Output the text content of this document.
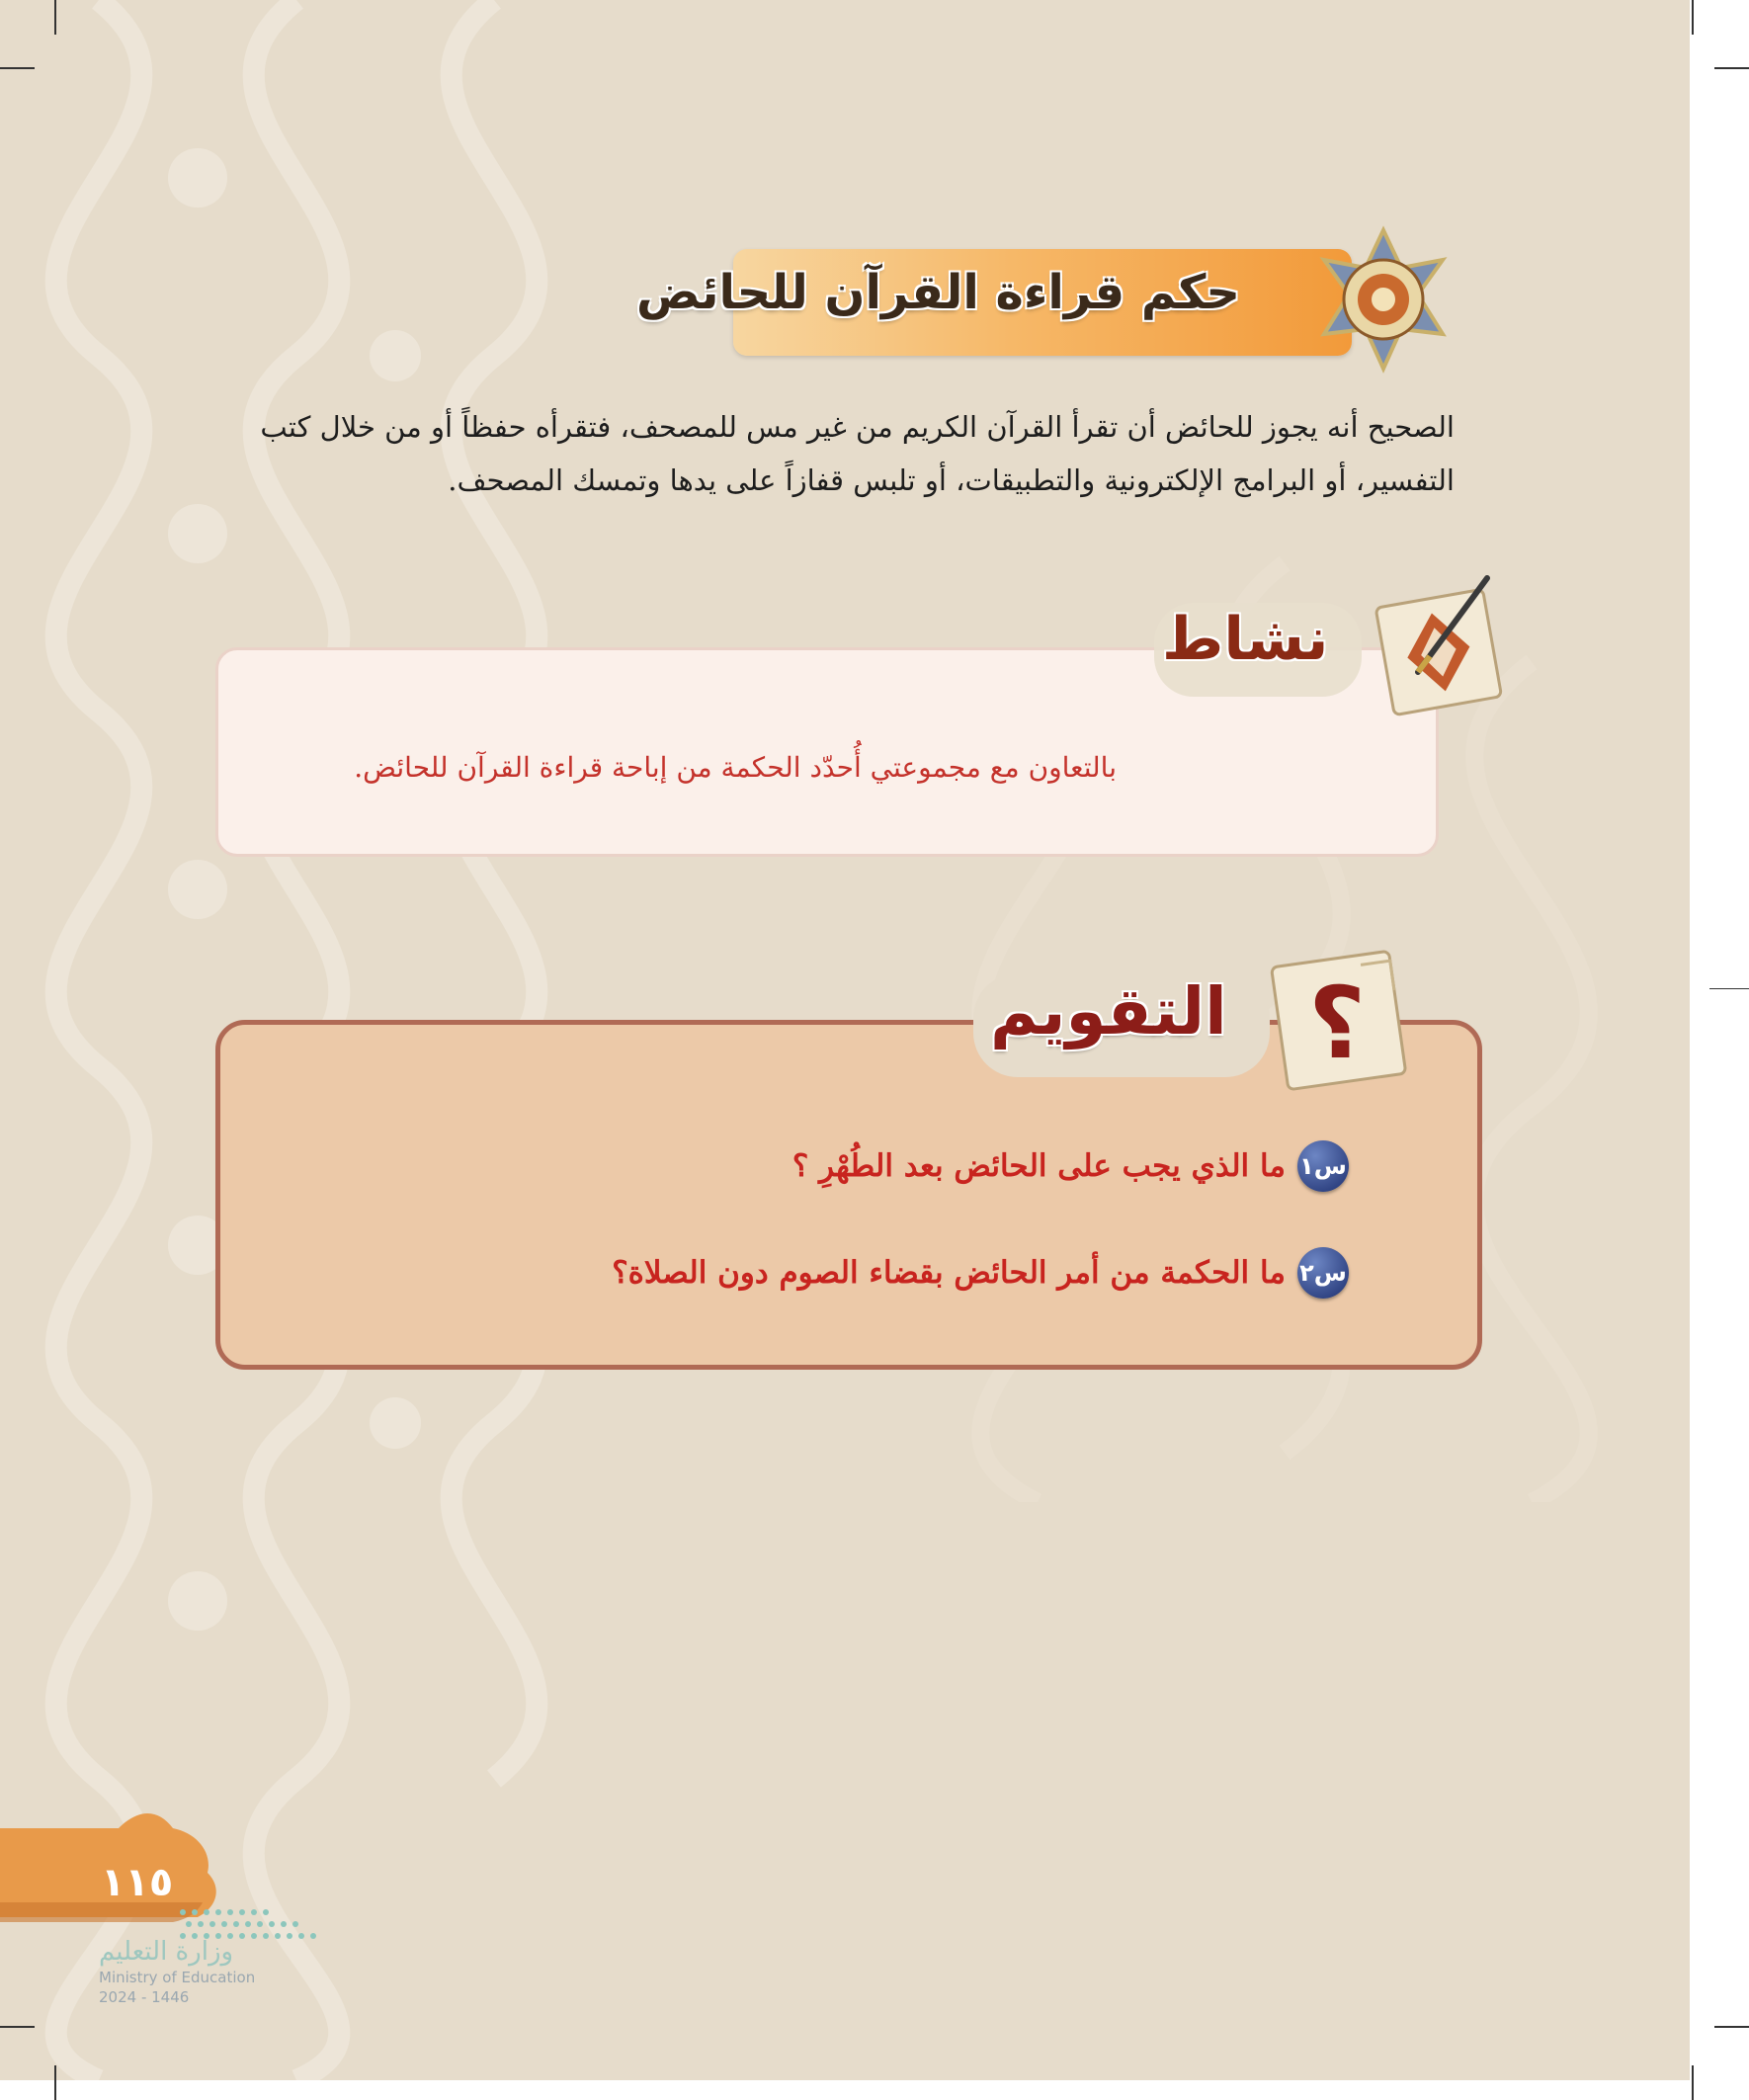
حكم قراءة القرآن للحائض
الصحيح أنه يجوز للحائض أن تقرأ القرآن الكريم من غير مس للمصحف، فتقرأه حفظاً أو من خلال كتب
التفسير، أو البرامج الإلكترونية والتطبيقات، أو تلبس قفازاً على يدها وتمسك المصحف.
نشاط
بالتعاون مع مجموعتي أُحدّد الحكمة من إباحة قراءة القرآن للحائض.
التقويم ؟
س١
ما الذي يجب على الحائض بعد الطُهْرِ ؟
س٢
ما الحكمة من أمر الحائض بقضاء الصوم دون الصلاة؟
١١٥
وزارة التعليم
Ministry of Education
2024 - 1446
